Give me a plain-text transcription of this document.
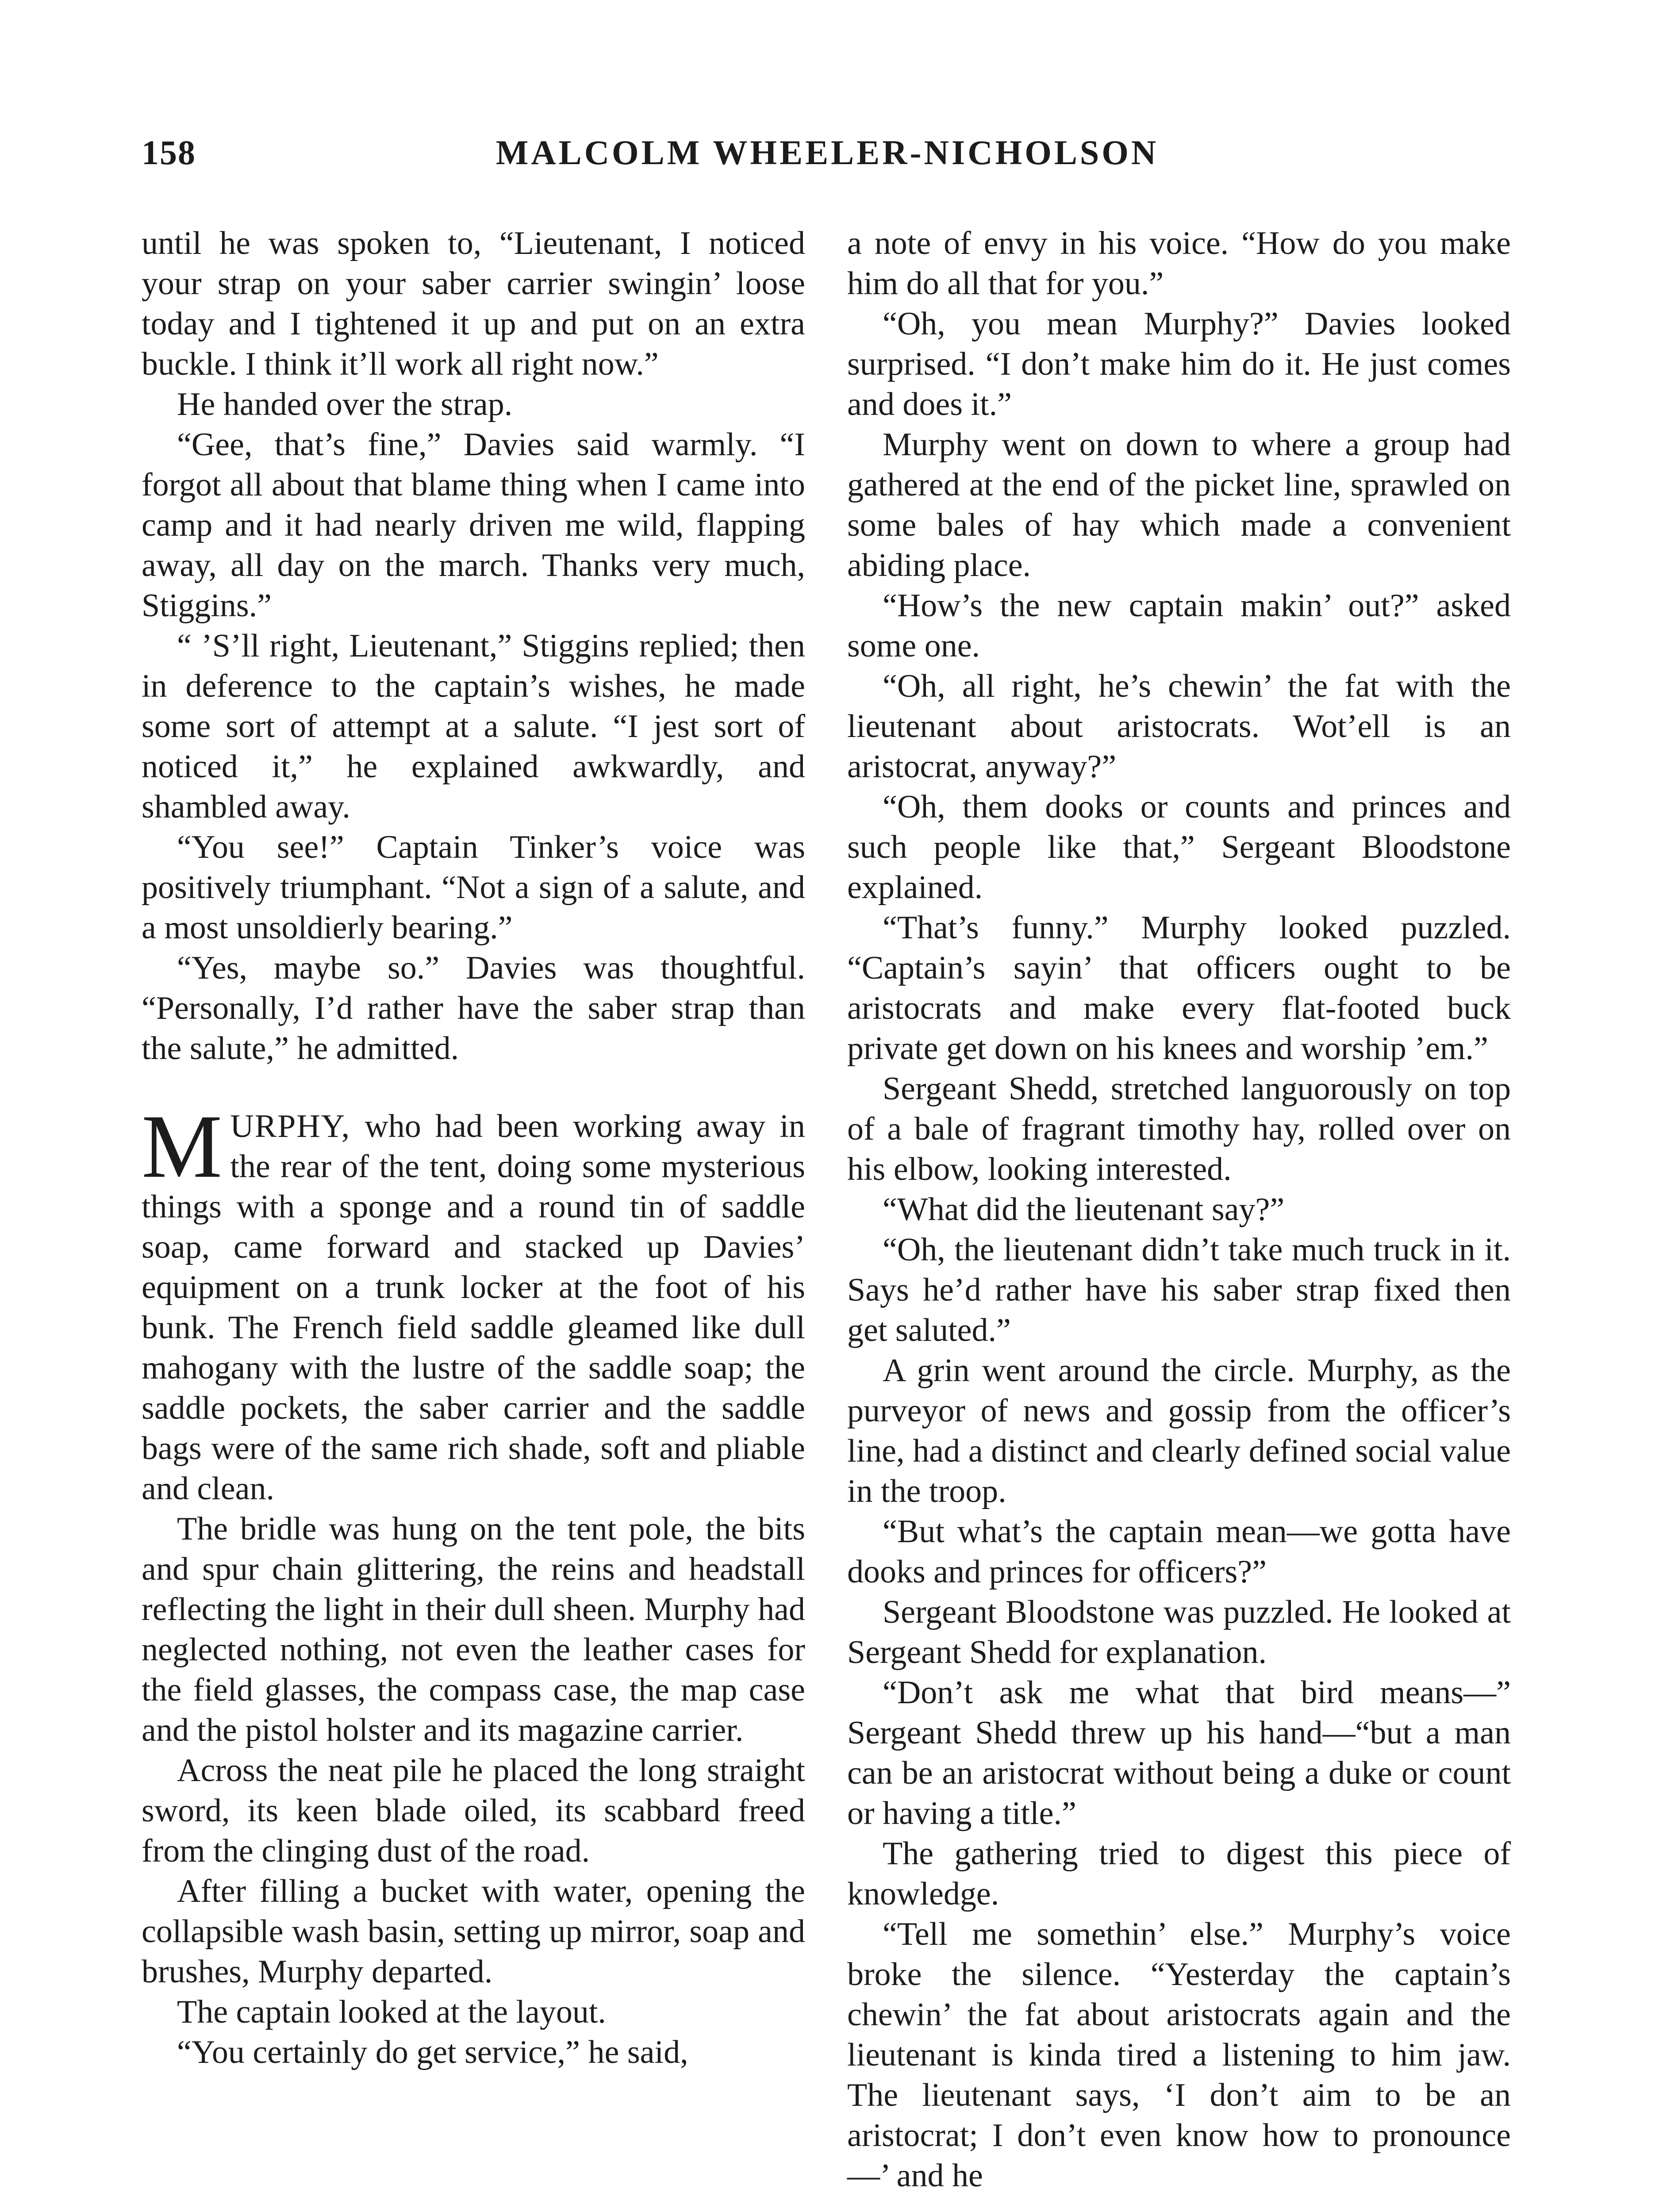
158	MALCOLM WHEELER-NICHOLSON

until he was spoken to, “Lieutenant, I noticed your strap on your saber carrier swingin’ loose today and I tightened it up and put on an extra buckle. I think it’ll work all right now.”

He handed over the strap.

“Gee, that’s fine,” Davies said warmly. “I forgot all about that blame thing when I came into camp and it had nearly driven me wild, flapping away, all day on the march. Thanks very much, Stiggins.”

“ ’S’ll right, Lieutenant,” Stiggins replied; then in deference to the captain’s wishes, he made some sort of attempt at a salute. “I jest sort of noticed it,” he explained awkwardly, and shambled away.

“You see!” Captain Tinker’s voice was positively triumphant. “Not a sign of a salute, and a most unsoldierly bearing.”

“Yes, maybe so.” Davies was thoughtful. “Personally, I’d rather have the saber strap than the salute,” he admitted.

MURPHY, who had been working away in the rear of the tent, doing some mysterious things with a sponge and a round tin of saddle soap, came forward and stacked up Davies’ equipment on a trunk locker at the foot of his bunk. The French field saddle gleamed like dull mahogany with the lustre of the saddle soap; the saddle pockets, the saber carrier and the saddle bags were of the same rich shade, soft and pliable and clean.

The bridle was hung on the tent pole, the bits and spur chain glittering, the reins and headstall reflecting the light in their dull sheen. Murphy had neglected nothing, not even the leather cases for the field glasses, the compass case, the map case and the pistol holster and its magazine carrier.

Across the neat pile he placed the long straight sword, its keen blade oiled, its scabbard freed from the clinging dust of the road.

After filling a bucket with water, opening the collapsible wash basin, setting up mirror, soap and brushes, Murphy departed.

The captain looked at the layout.

“You certainly do get service,” he said,

a note of envy in his voice. “How do you make him do all that for you.”

“Oh, you mean Murphy?” Davies looked surprised. “I don’t make him do it. He just comes and does it.”

Murphy went on down to where a group had gathered at the end of the picket line, sprawled on some bales of hay which made a convenient abiding place.

“How’s the new captain makin’ out?” asked some one.

“Oh, all right, he’s chewin’ the fat with the lieutenant about aristocrats. Wot’ell is an aristocrat, anyway?”

“Oh, them dooks or counts and princes and such people like that,” Sergeant Bloodstone explained.

“That’s funny.” Murphy looked puzzled. “Captain’s sayin’ that officers ought to be aristocrats and make every flat-footed buck private get down on his knees and worship ’em.”

Sergeant Shedd, stretched languorously on top of a bale of fragrant timothy hay, rolled over on his elbow, looking interested.

“What did the lieutenant say?”

“Oh, the lieutenant didn’t take much truck in it. Says he’d rather have his saber strap fixed then get saluted.”

A grin went around the circle. Murphy, as the purveyor of news and gossip from the officer’s line, had a distinct and clearly defined social value in the troop.

“But what’s the captain mean—we gotta have dooks and princes for officers?”

Sergeant Bloodstone was puzzled. He looked at Sergeant Shedd for explanation.

“Don’t ask me what that bird means—” Sergeant Shedd threw up his hand—“but a man can be an aristocrat without being a duke or count or having a title.”

The gathering tried to digest this piece of knowledge.

“Tell me somethin’ else.” Murphy’s voice broke the silence. “Yesterday the captain’s chewin’ the fat about aristocrats again and the lieutenant is kinda tired a listening to him jaw. The lieutenant says, ‘I don’t aim to be an aristocrat; I don’t even know how to pronounce—’ and he
